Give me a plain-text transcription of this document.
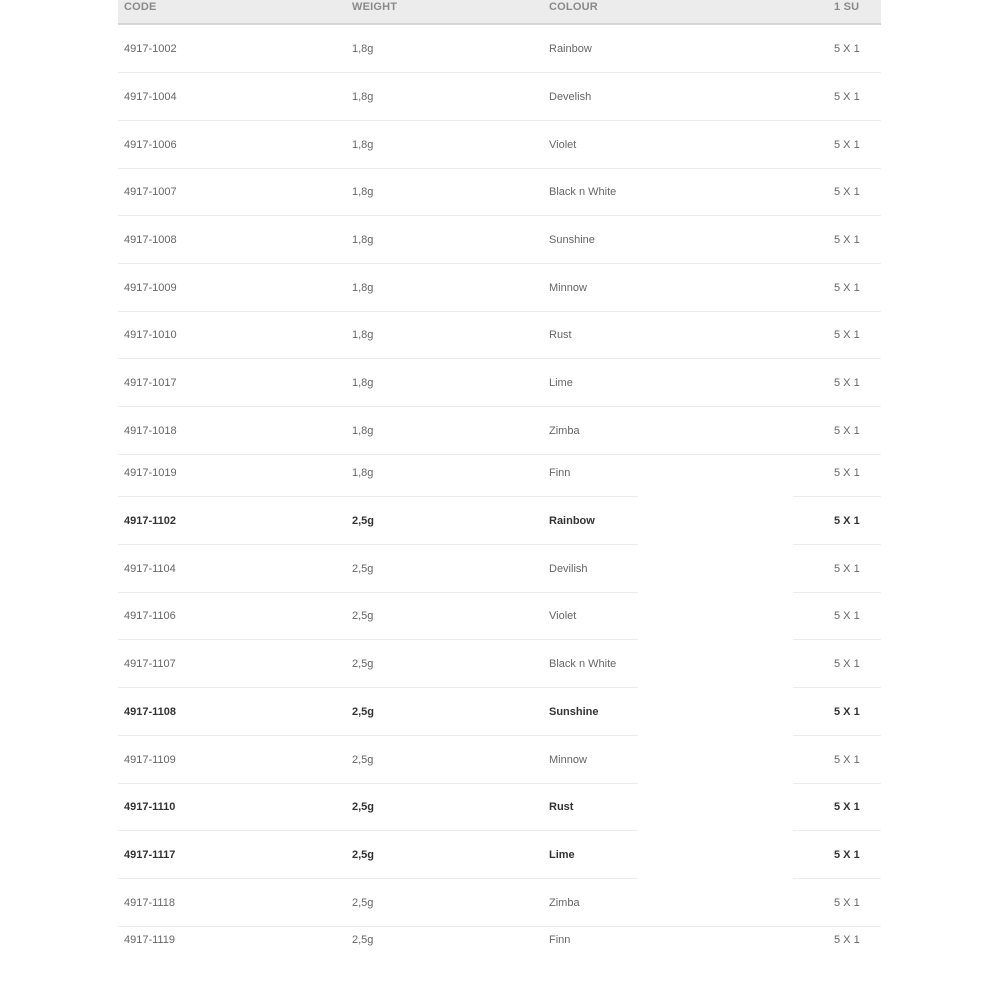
CODE	WEIGHT	COLOUR	1 SU
4917-1002	1,8g	Rainbow	5 X 1
4917-1004	1,8g	Develish	5 X 1
4917-1006	1,8g	Violet	5 X 1
4917-1007	1,8g	Black n White	5 X 1
4917-1008	1,8g	Sunshine	5 X 1
4917-1009	1,8g	Minnow	5 X 1
4917-1010	1,8g	Rust	5 X 1
4917-1017	1,8g	Lime	5 X 1
4917-1018	1,8g	Zimba	5 X 1
4917-1019	1,8g	Finn	5 X 1
4917-1102	2,5g	Rainbow	5 X 1
4917-1104	2,5g	Devilish	5 X 1
4917-1106	2,5g	Violet	5 X 1
4917-1107	2,5g	Black n White	5 X 1
4917-1108	2,5g	Sunshine	5 X 1
4917-1109	2,5g	Minnow	5 X 1
4917-1110	2,5g	Rust	5 X 1
4917-1117	2,5g	Lime	5 X 1
4917-1118	2,5g	Zimba	5 X 1
4917-1119	2,5g	Finn	5 X 1
